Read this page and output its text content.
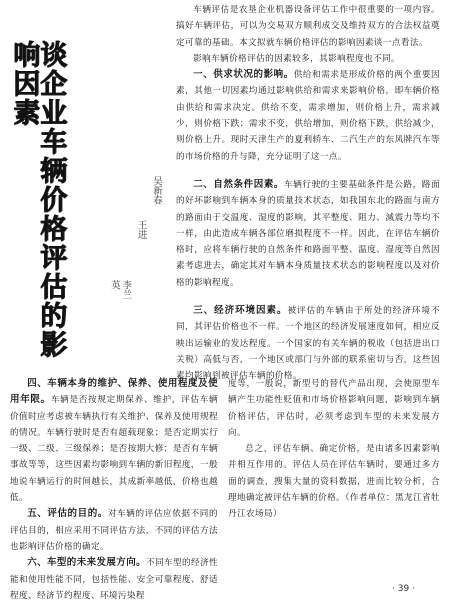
谈企业车辆价格评估的影响因素
吴新春
王进
李兰英

车辆评估是农垦企业机器设备评估工作中很重要的一项内容。搞好车辆评估，可以为交易双方顺利成交及维持双方的合法权益奠定可靠的基础。本文拟就车辆价格评估的影响因素谈一点看法。

影响车辆价格评估的因素较多，其影响程度也不同。

一、供求状况的影响。供给和需求是形成价格的两个重要因素，其他一切因素均通过影响供给和需求来影响价格，即车辆价格由供给和需求决定。供给不变，需求增加，则价格上升，需求减少，则价格下跌；需求不变，供给增加，则价格下跌，供给减少，则价格上升。现时天津生产的夏利轿车、二汽生产的东风牌汽车等的市场价格的升与降，充分证明了这一点。

二、自然条件因素。车辆行驶的主要基础条件是公路，路面的好坏影响到车辆本身的质量技术状态，如我国东北的路面与南方的路面由于交温度、湿度的影响，其平整度、阻力、減震力等均不一样，由此造成车辆各部位磨损程度不一样。因此，在评估车辆价格时，应将车辆行驶的自然条件和路面平整、温度、湿度等自然因素考虑进去，确定其对车辆本身质量技术状态的影响程度以及对价格的影响程度。

三、经济环境因素。被评估的车辆由于所处的经济环境不同，其评估价格也不一样。一个地区的经济发展速度如何，相应反映出运输业的发达程度。一个国家的有关车辆的税收（包括进出口关税）高低与否，一个地区或部门与外部的联系密切与否，这些因素均影响到被评估车辆的价格。

四、车辆本身的维护、保养、使用程度及使用年限。车辆是否按规定期保养、维护，评估车辆价值时应考虑被车辆执行有关维护、保养及使用规程的情况。车辆行驶时是否有超载现象；是否定期实行一级、二级、三级保养；是否按期大修；是否有车辆事故等等，这些因素均影响到车辆的新旧程度，一般地说车辆运行的时间越长，其成新率越低，价格也越低。

五、评估的目的。对车辆的评估应依据不同的评估目的，相应采用不同评估方法，不同的评估方法也影响评估价格的确定。

六、车型的未来发展方向。不同车型的经济性能和使用性能不同，包括性能、安全可靠程度、舒适程度、经济节约程度、环境污染程

度等，一般说，新型号的替代产品出现，会使原型车辆产生功能性贬值和市场价格影响问题，影响到车辆价格评估，评估时，必须考虑到车型的未来发展方向。

总之，评估车辆、确定价格，是由诸多因素影响并相互作用的。评估人员在评估车辆时，要通过多方面的调查，搜集大量的资料数据，进而比较分析，合理地确定被评估车辆的价格。（作者单位：黑龙江省牡丹江农场局）

· 39 ·
